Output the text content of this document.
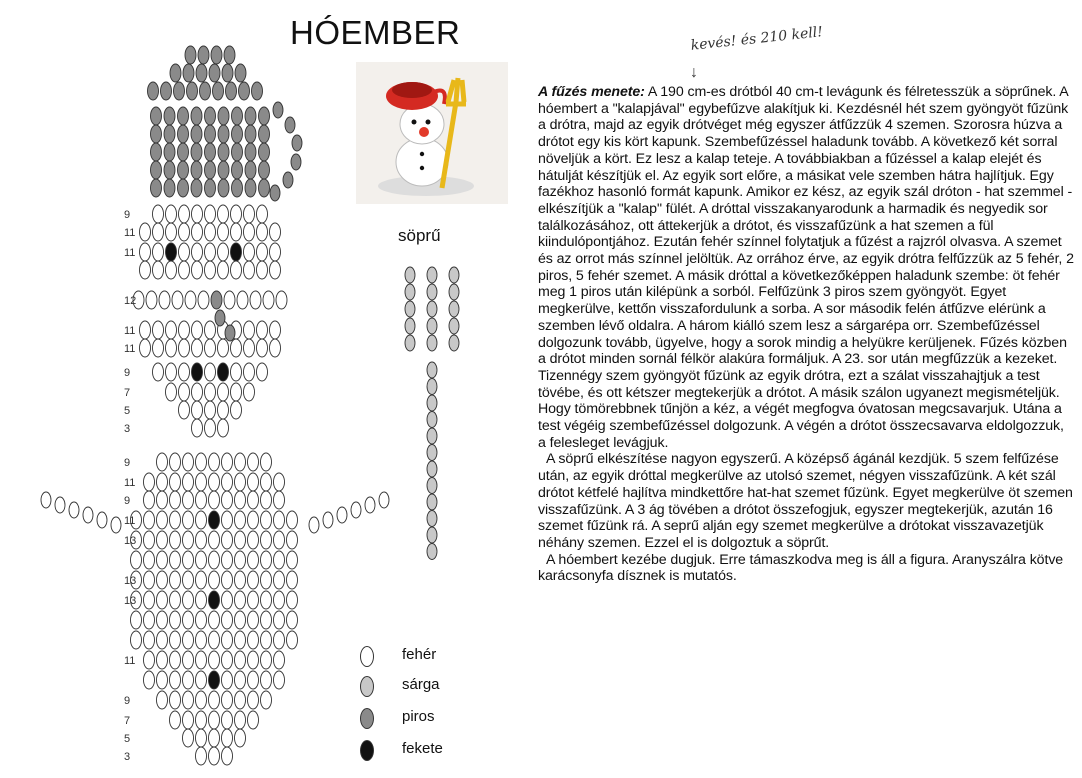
9
11
11
12
11
11
9
7
5
3
9
11
9
11
13
13
13
11
9
7
5
3
HÓEMBER
söprű
fehér
sárga
piros
fekete
kevés! és 210 kell!
↓

A fűzés menete: A 190 cm-es drótból 40 cm-t levágunk és félretesszük a söprűnek. A hóembert a "kalapjával" egybefűzve alakítjuk ki. Kezdésnél hét szem gyöngyöt fűzünk a drótra, majd az egyik drótvéget még egyszer átfűzzük 4 szemen. Szorosra húzva a drótot egy kis kört kapunk. Szembefűzéssel haladunk tovább. A következő két sorral növeljük a kört. Ez lesz a kalap teteje. A továbbiakban a fűzéssel a kalap elejét és hátulját készítjük el. Az egyik sort előre, a másikat vele szemben hátra hajlítjuk. Egy fazékhoz hasonló formát kapunk. Amikor ez kész, az egyik szál dróton - hat szemmel -elkészítjük a "kalap" fülét. A dróttal visszakanyarodunk a harmadik és negyedik sor találkozásához, ott áttekerjük a drótot, és visszafűzünk a hat szemen a fül kiindulópontjához. Ezután fehér színnel folytatjuk a fűzést a rajzról olvasva. A szemet és az orrot más színnel jelöltük. Az orrához érve, az egyik drótra felfűzzük az 5 fehér, 2 piros, 5 fehér szemet. A másik dróttal a következőképpen haladunk szembe: öt fehér meg 1 piros után kilépünk a sorból. Felfűzünk 3 piros szem gyöngyöt. Egyet megkerülve, kettőn visszafordulunk a sorba. A sor második felén átfűzve elérünk a szemben lévő oldalra. A három kiálló szem lesz a sárgarépa orr. Szembefűzéssel dolgozunk tovább, ügyelve, hogy a sorok mindig a helyükre kerüljenek. Fűzés közben a drótot minden sornál félkör alakúra formáljuk. A 23. sor után megfűzzük a kezeket. Tizennégy szem gyöngyöt fűzünk az egyik drótra, ezt a szálat visszahajtjuk a test tövébe, és ott kétszer megtekerjük a drótot. A másik szálon ugyanezt megismételjük. Hogy tömörebbnek tűnjön a kéz, a végét megfogva óvatosan megcsavarjuk. Utána a test végéig szembefűzéssel dolgozunk. A végén a drótot összecsavarva eldolgozzuk, a felesleget levágjuk.

A söprű elkészítése nagyon egyszerű. A középső ágánál kezdjük. 5 szem felfűzése után, az egyik dróttal megkerülve az utolsó szemet, négyen visszafűzünk. A két szál drótot kétfelé hajlítva mindkettőre hat-hat szemet fűzünk. Egyet megkerülve öt szemen visszafűzünk. A 3 ág tövében a drótot összefogjuk, egyszer megtekerjük, azután 16 szemet fűzünk rá. A seprű alján egy szemet megkerülve a drótokat visszavazetjük néhány szemen. Ezzel el is dolgoztuk a söprűt.

A hóembert kezébe dugjuk. Erre támaszkodva meg is áll a figura. Aranyszálra kötve karácsonyfa dísznek is mutatós.
